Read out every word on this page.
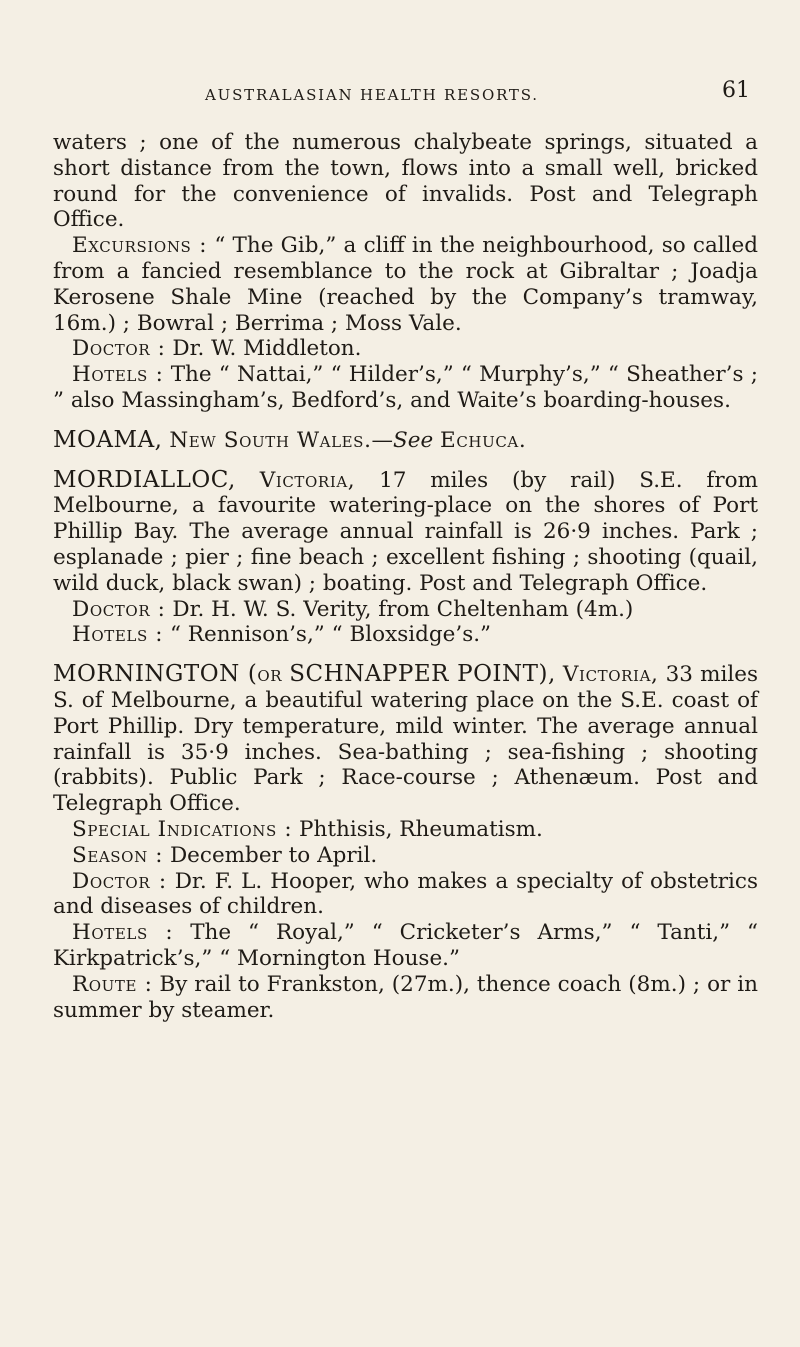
AUSTRALASIAN HEALTH RESORTS.	61

waters ; one of the numerous chalybeate springs, situated a short distance from the town, flows into a small well, bricked round for the convenience of invalids. Post and Telegraph Office.

Excursions : “ The Gib,” a cliff in the neighbourhood, so called from a fancied resemblance to the rock at Gibraltar ; Joadja Kerosene Shale Mine (reached by the Company’s tramway, 16m.) ; Bowral ; Berrima ; Moss Vale.

Doctor : Dr. W. Middleton.

Hotels : The “ Nattai,” “ Hilder’s,” “ Murphy’s,” “ Sheather’s ; ” also Massingham’s, Bedford’s, and Waite’s boarding-houses.

MOAMA, New South Wales.—See Echuca.

MORDIALLOC, Victoria, 17 miles (by rail) S.E. from Melbourne, a favourite watering-place on the shores of Port Phillip Bay. The average annual rainfall is 26·9 inches. Park ; esplanade ; pier ; fine beach ; excellent fishing ; shooting (quail, wild duck, black swan) ; boating. Post and Telegraph Office.

Doctor : Dr. H. W. S. Verity, from Cheltenham (4m.)

Hotels : “ Rennison’s,” “ Bloxsidge’s.”

MORNINGTON (or SCHNAPPER POINT), Victoria, 33 miles S. of Melbourne, a beautiful watering place on the S.E. coast of Port Phillip. Dry temperature, mild winter. The average annual rainfall is 35·9 inches. Sea-bathing ; sea-fishing ; shooting (rabbits). Public Park ; Race-course ; Athenæum. Post and Telegraph Office.

Special Indications : Phthisis, Rheumatism.

Season : December to April.

Doctor : Dr. F. L. Hooper, who makes a specialty of obstetrics and diseases of children.

Hotels : The “ Royal,” “ Cricketer’s Arms,” “ Tanti,” “ Kirkpatrick’s,” “ Mornington House.”

Route : By rail to Frankston, (27m.), thence coach (8m.) ; or in summer by steamer.
